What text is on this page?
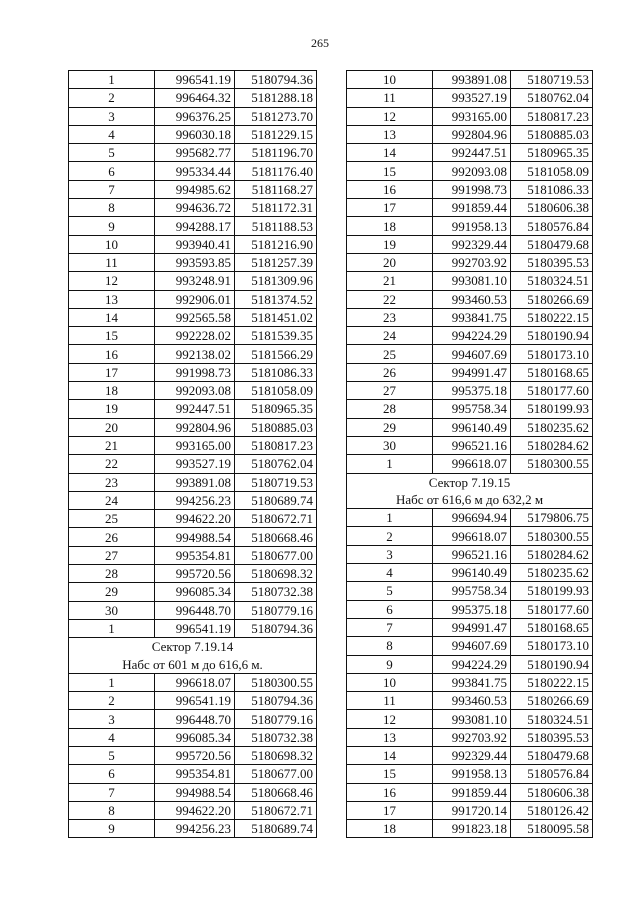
265
1	996541.19	5180794.36
2	996464.32	5181288.18
3	996376.25	5181273.70
4	996030.18	5181229.15
5	995682.77	5181196.70
6	995334.44	5181176.40
7	994985.62	5181168.27
8	994636.72	5181172.31
9	994288.17	5181188.53
10	993940.41	5181216.90
11	993593.85	5181257.39
12	993248.91	5181309.96
13	992906.01	5181374.52
14	992565.58	5181451.02
15	992228.02	5181539.35
16	992138.02	5181566.29
17	991998.73	5181086.33
18	992093.08	5181058.09
19	992447.51	5180965.35
20	992804.96	5180885.03
21	993165.00	5180817.23
22	993527.19	5180762.04
23	993891.08	5180719.53
24	994256.23	5180689.74
25	994622.20	5180672.71
26	994988.54	5180668.46
27	995354.81	5180677.00
28	995720.56	5180698.32
29	996085.34	5180732.38
30	996448.70	5180779.16
1	996541.19	5180794.36
Сектор 7.19.14		
Набс от 601 м до 616,6 м.		
1	996618.07	5180300.55
2	996541.19	5180794.36
3	996448.70	5180779.16
4	996085.34	5180732.38
5	995720.56	5180698.32
6	995354.81	5180677.00
7	994988.54	5180668.46
8	994622.20	5180672.71
9	994256.23	5180689.74
10	993891.08	5180719.53
11	993527.19	5180762.04
12	993165.00	5180817.23
13	992804.96	5180885.03
14	992447.51	5180965.35
15	992093.08	5181058.09
16	991998.73	5181086.33
17	991859.44	5180606.38
18	991958.13	5180576.84
19	992329.44	5180479.68
20	992703.92	5180395.53
21	993081.10	5180324.51
22	993460.53	5180266.69
23	993841.75	5180222.15
24	994224.29	5180190.94
25	994607.69	5180173.10
26	994991.47	5180168.65
27	995375.18	5180177.60
28	995758.34	5180199.93
29	996140.49	5180235.62
30	996521.16	5180284.62
1	996618.07	5180300.55
Сектор 7.19.15		
Набс от 616,6 м до 632,2 м		
1	996694.94	5179806.75
2	996618.07	5180300.55
3	996521.16	5180284.62
4	996140.49	5180235.62
5	995758.34	5180199.93
6	995375.18	5180177.60
7	994991.47	5180168.65
8	994607.69	5180173.10
9	994224.29	5180190.94
10	993841.75	5180222.15
11	993460.53	5180266.69
12	993081.10	5180324.51
13	992703.92	5180395.53
14	992329.44	5180479.68
15	991958.13	5180576.84
16	991859.44	5180606.38
17	991720.14	5180126.42
18	991823.18	5180095.58
